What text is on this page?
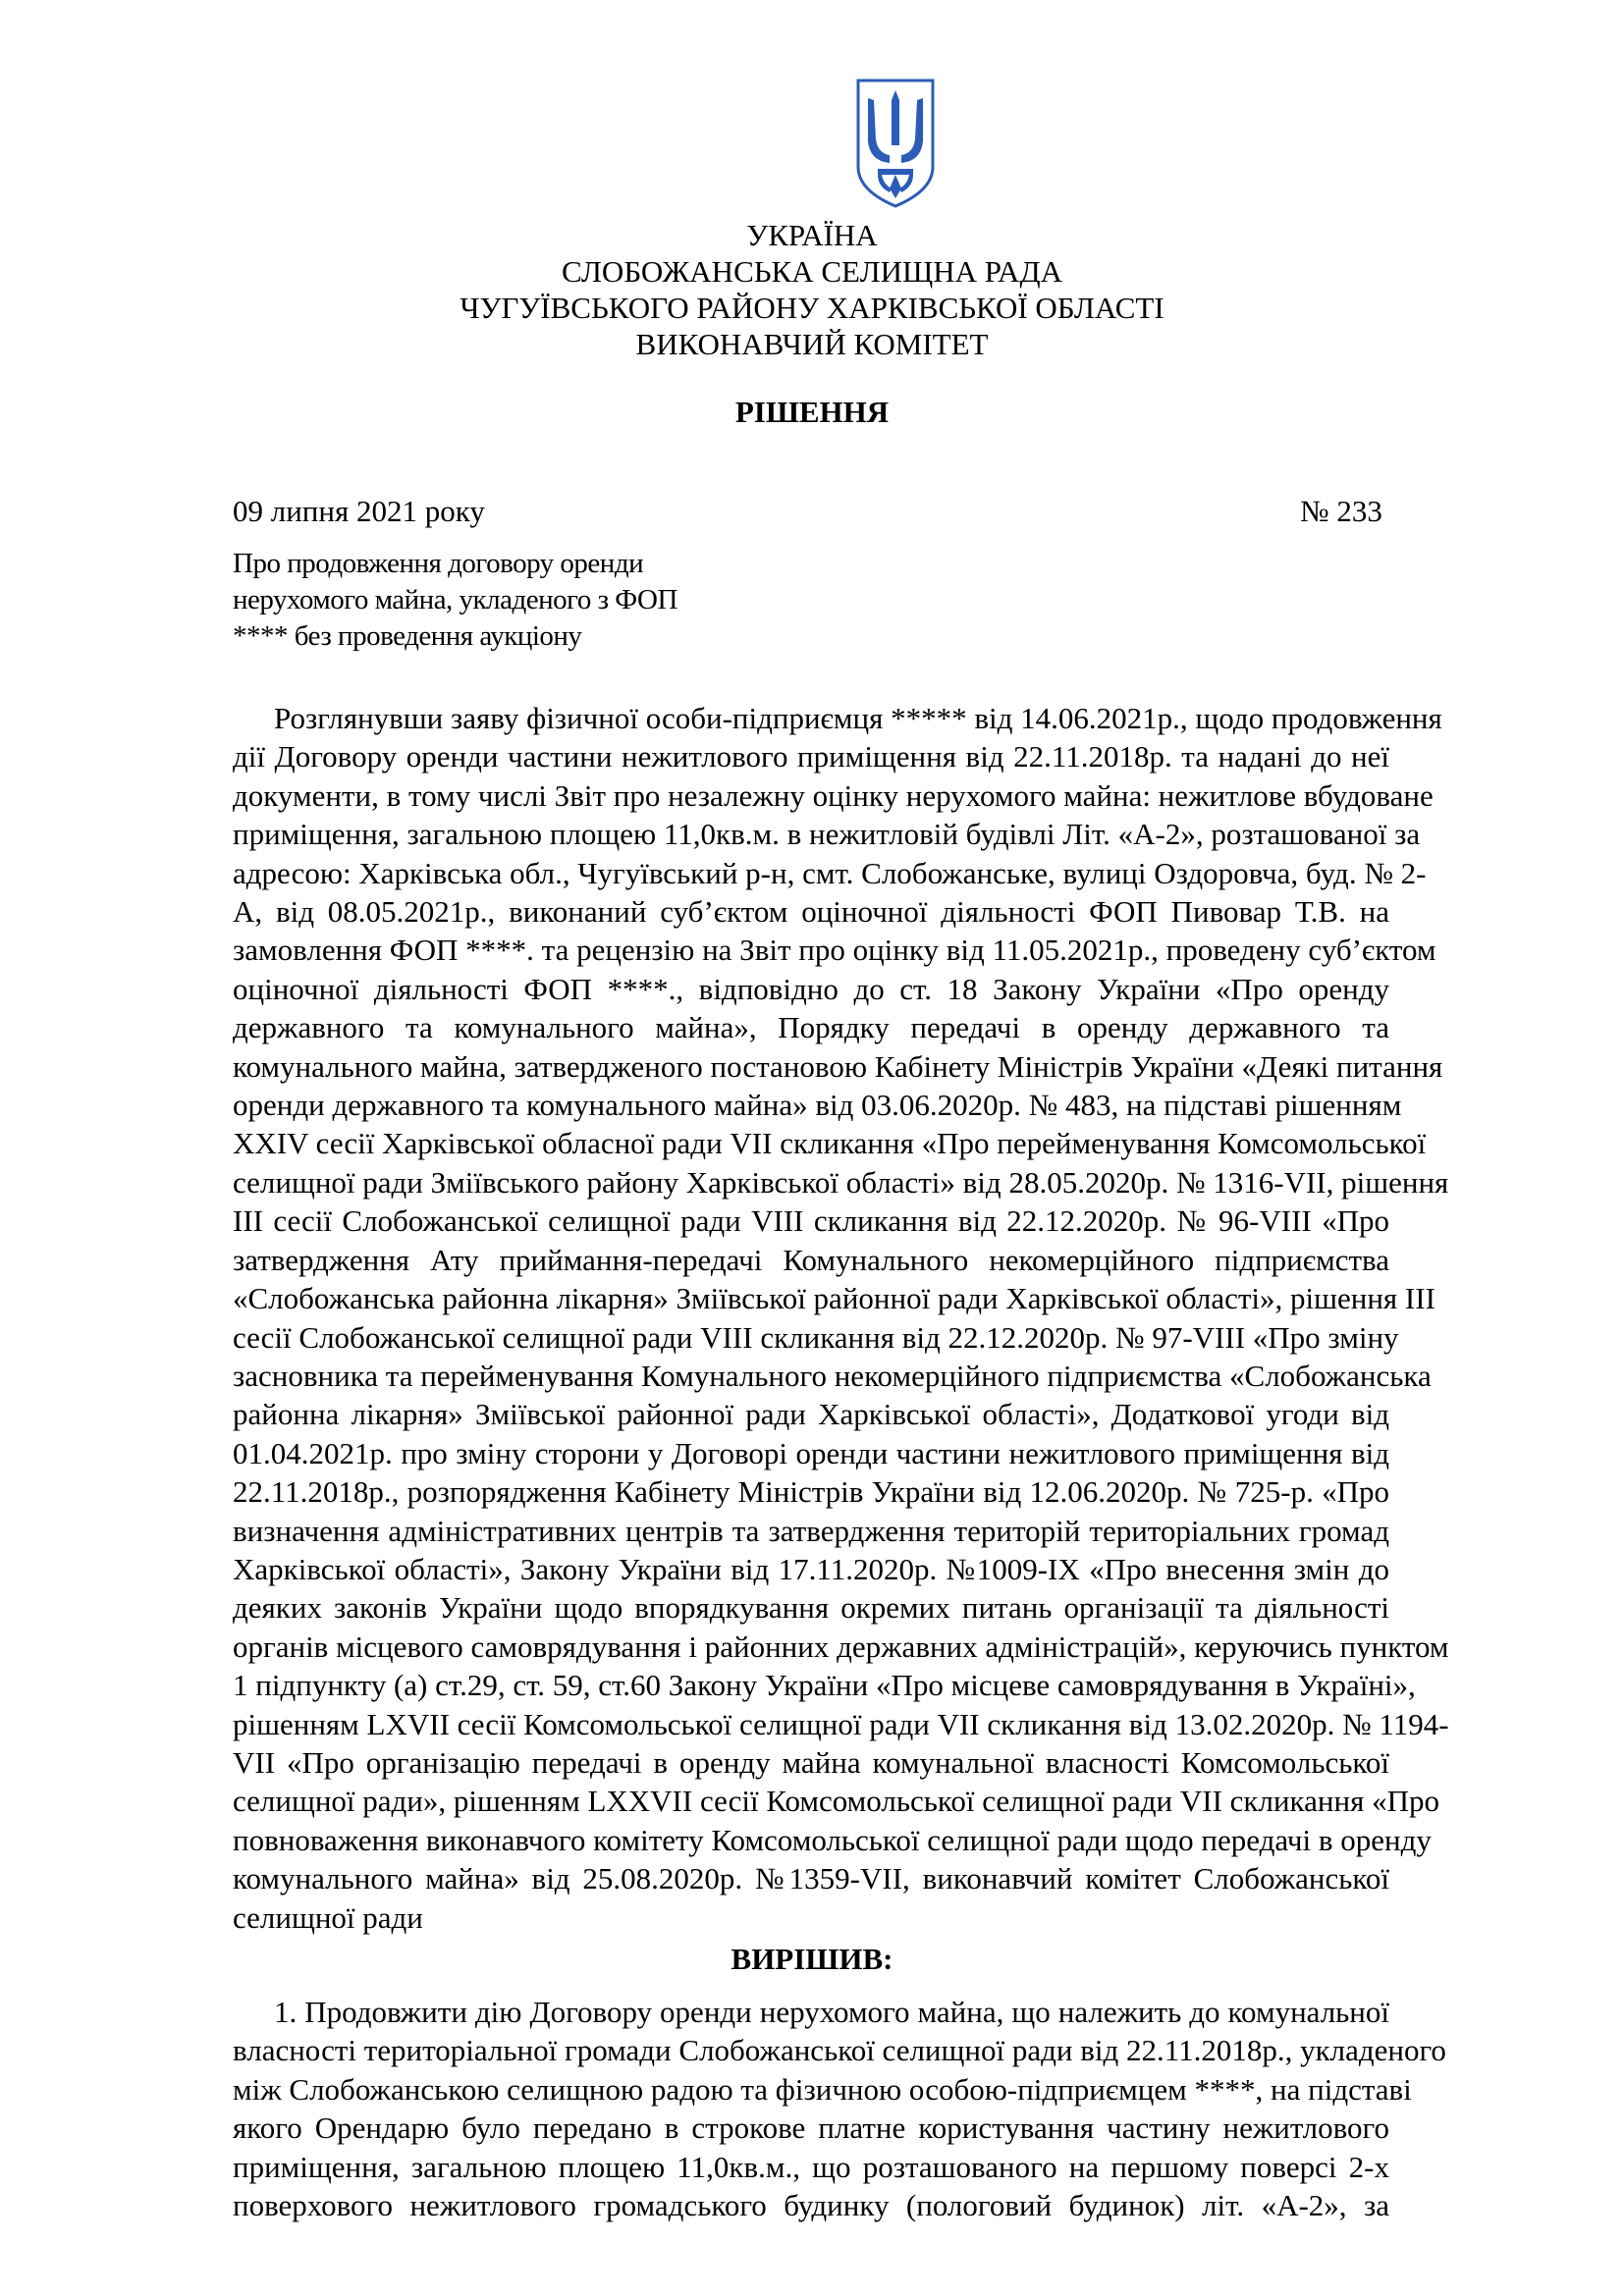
УКРАЇНА
СЛОБОЖАНСЬКА СЕЛИЩНА РАДА
ЧУГУЇВСЬКОГО РАЙОНУ ХАРКІВСЬКОЇ ОБЛАСТІ
ВИКОНАВЧИЙ КОМІТЕТ
РІШЕННЯ
09 липня 2021 року	№ 233
Про продовження договору оренди
нерухомого майна, укладеного з ФОП
**** без проведення аукціону
Розглянувши заяву фізичної особи-підприємця ***** від 14.06.2021р., щодо продовження
дії Договору оренди частини нежитлового приміщення від 22.11.2018р. та надані до неї
документи, в тому числі Звіт про незалежну оцінку нерухомого майна: нежитлове вбудоване
приміщення, загальною площею 11,0кв.м. в нежитловій будівлі Літ. «А-2», розташованої за
адресою: Харківська обл., Чугуївський р-н, смт. Слобожанське, вулиці Оздоровча, буд. № 2-
А, від 08.05.2021р., виконаний суб’єктом оціночної діяльності ФОП Пивовар Т.В. на
замовлення ФОП ****. та рецензію на Звіт про оцінку від 11.05.2021р., проведену суб’єктом
оціночної діяльності ФОП ****., відповідно до ст. 18 Закону України «Про оренду
державного та комунального майна», Порядку передачі в оренду державного та
комунального майна, затвердженого постановою Кабінету Міністрів України «Деякі питання
оренди державного та комунального майна» від 03.06.2020р. № 483, на підставі рішенням
XXIV сесії Харківської обласної ради VII скликання «Про перейменування Комсомольської
селищної ради Зміївського району Харківської області» від 28.05.2020р. № 1316-VII, рішення
III сесії Слобожанської селищної ради VIII скликання від 22.12.2020р. № 96-VIII «Про
затвердження Ату приймання-передачі Комунального некомерційного підприємства
«Слобожанська районна лікарня» Зміївської районної ради Харківської області», рішення III
сесії Слобожанської селищної ради VIII скликання від 22.12.2020р. № 97-VIII «Про зміну
засновника та перейменування Комунального некомерційного підприємства «Слобожанська
районна лікарня» Зміївської районної ради Харківської області», Додаткової угоди від
01.04.2021р. про зміну сторони у Договорі оренди частини нежитлового приміщення від
22.11.2018р., розпорядження Кабінету Міністрів України від 12.06.2020р. № 725-р. «Про
визначення адміністративних центрів та затвердження територій територіальних громад
Харківської області», Закону України від 17.11.2020р. №1009-IX «Про внесення змін до
деяких законів України щодо впорядкування окремих питань організації та діяльності
органів місцевого самоврядування і районних державних адміністрацій», керуючись пунктом
1 підпункту (а) ст.29, ст. 59, ст.60 Закону України «Про місцеве самоврядування в Україні»,
рішенням LXVII сесії Комсомольської селищної ради VII скликання від 13.02.2020р. № 1194-
VII «Про організацію передачі в оренду майна комунальної власності Комсомольської
селищної ради», рішенням LXXVII сесії Комсомольської селищної ради VII скликання «Про
повноваження виконавчого комітету Комсомольської селищної ради щодо передачі в оренду
комунального майна» від 25.08.2020р. №1359-VII, виконавчий комітет Слобожанської
селищної ради
ВИРІШИВ:
1. Продовжити дію Договору оренди нерухомого майна, що належить до комунальної
власності територіальної громади Слобожанської селищної ради від 22.11.2018р., укладеного
між Слобожанською селищною радою та фізичною особою-підприємцем ****, на підставі
якого Орендарю було передано в строкове платне користування частину нежитлового
приміщення, загальною площею 11,0кв.м., що розташованого на першому поверсі 2-х
поверхового нежитлового громадського будинку (пологовий будинок) літ. «А-2», за
